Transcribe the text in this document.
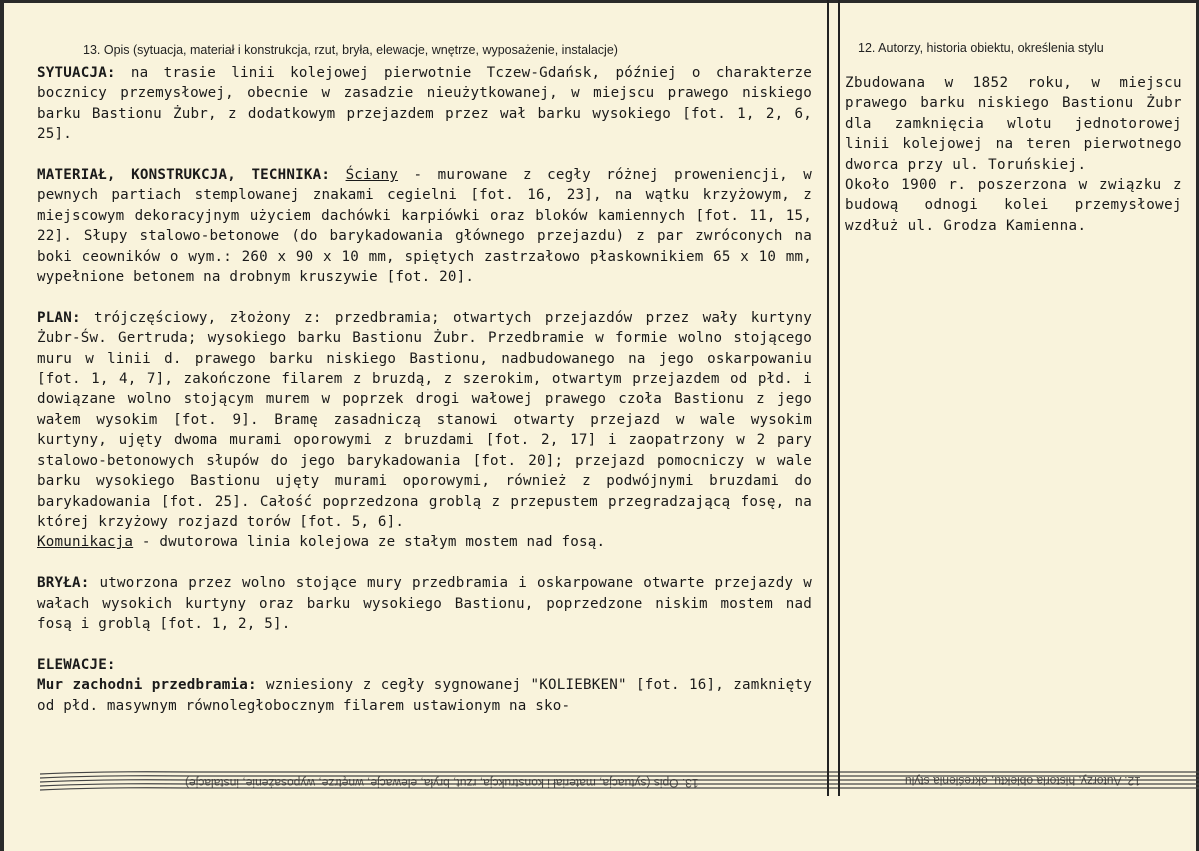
13. Opis (sytuacja, materiał i konstrukcja, rzut, bryła, elewacje, wnętrze, wyposażenie, instalacje)	12. Autorzy, historia obiektu, określenia stylu

SYTUACJA: na trasie linii kolejowej pierwotnie Tczew-Gdańsk, później o charakterze bocznicy przemysłowej, obecnie w zasadzie nieużytkowanej, w miejscu prawego niskiego barku Bastionu Żubr, z dodatkowym przejazdem przez wał barku wysokiego [fot. 1, 2, 6, 25].

MATERIAŁ, KONSTRUKCJA, TECHNIKA: Ściany - murowane z cegły różnej proweniencji, w pewnych partiach stemplowanej znakami cegielni [fot. 16, 23], na wątku krzyżowym, z miejscowym dekoracyjnym użyciem dachówki karpiówki oraz bloków kamiennych [fot. 11, 15, 22]. Słupy stalowo-betonowe (do barykadowania głównego przejazdu) z par zwróconych na boki ceowników o wym.: 260 x 90 x 10 mm, spiętych zastrzałowo płaskownikiem 65 x 10 mm, wypełnione betonem na drobnym kruszywie [fot. 20].

PLAN: trójczęściowy, złożony z: przedbramia; otwartych przejazdów przez wały kurtyny Żubr-Św. Gertruda; wysokiego barku Bastionu Żubr. Przedbramie w formie wolno stojącego muru w linii d. prawego barku niskiego Bastionu, nadbudowanego na jego oskarpowaniu [fot. 1, 4, 7], zakończone filarem z bruzdą, z szerokim, otwartym przejazdem od płd. i dowiązane wolno stojącym murem w poprzek drogi wałowej prawego czoła Bastionu z jego wałem wysokim [fot. 9]. Bramę zasadniczą stanowi otwarty przejazd w wale wysokim kurtyny, ujęty dwoma murami oporowymi z bruzdami [fot. 2, 17] i zaopatrzony w 2 pary stalowo-betonowych słupów do jego barykadowania [fot. 20]; przejazd pomocniczy w wale barku wysokiego Bastionu ujęty murami oporowymi, również z podwójnymi bruzdami do barykadowania [fot. 25]. Całość poprzedzona groblą z przepustem przegradzającą fosę, na której krzyżowy rozjazd torów [fot. 5, 6].

Komunikacja - dwutorowa linia kolejowa ze stałym mostem nad fosą.

BRYŁA: utworzona przez wolno stojące mury przedbramia i oskarpowane otwarte przejazdy w wałach wysokich kurtyny oraz barku wysokiego Bastionu, poprzedzone niskim mostem nad fosą i groblą [fot. 1, 2, 5].

ELEWACJE:

Mur zachodni przedbramia: wzniesiony z cegły sygnowanej "KOLIEBKEN" [fot. 16], zamknięty od płd. masywnym równoległobocznym filarem ustawionym na sko-

Zbudowana w 1852 roku, w miejscu prawego barku niskiego Bastionu Żubr dla zamknięcia wlotu jednotorowej linii kolejowej na teren pierwotnego dworca przy ul. Toruńskiej.

Około 1900 r. poszerzona w związku z budową odnogi kolei przemysłowej wzdłuż ul. Grodza Kamienna.

13. Opis (sytuacja, materiał i konstrukcja, rzut, bryła, elewacje, wnętrze, wyposażenie, instalacje)	12. Autorzy, historia obiektu, określenia stylu
